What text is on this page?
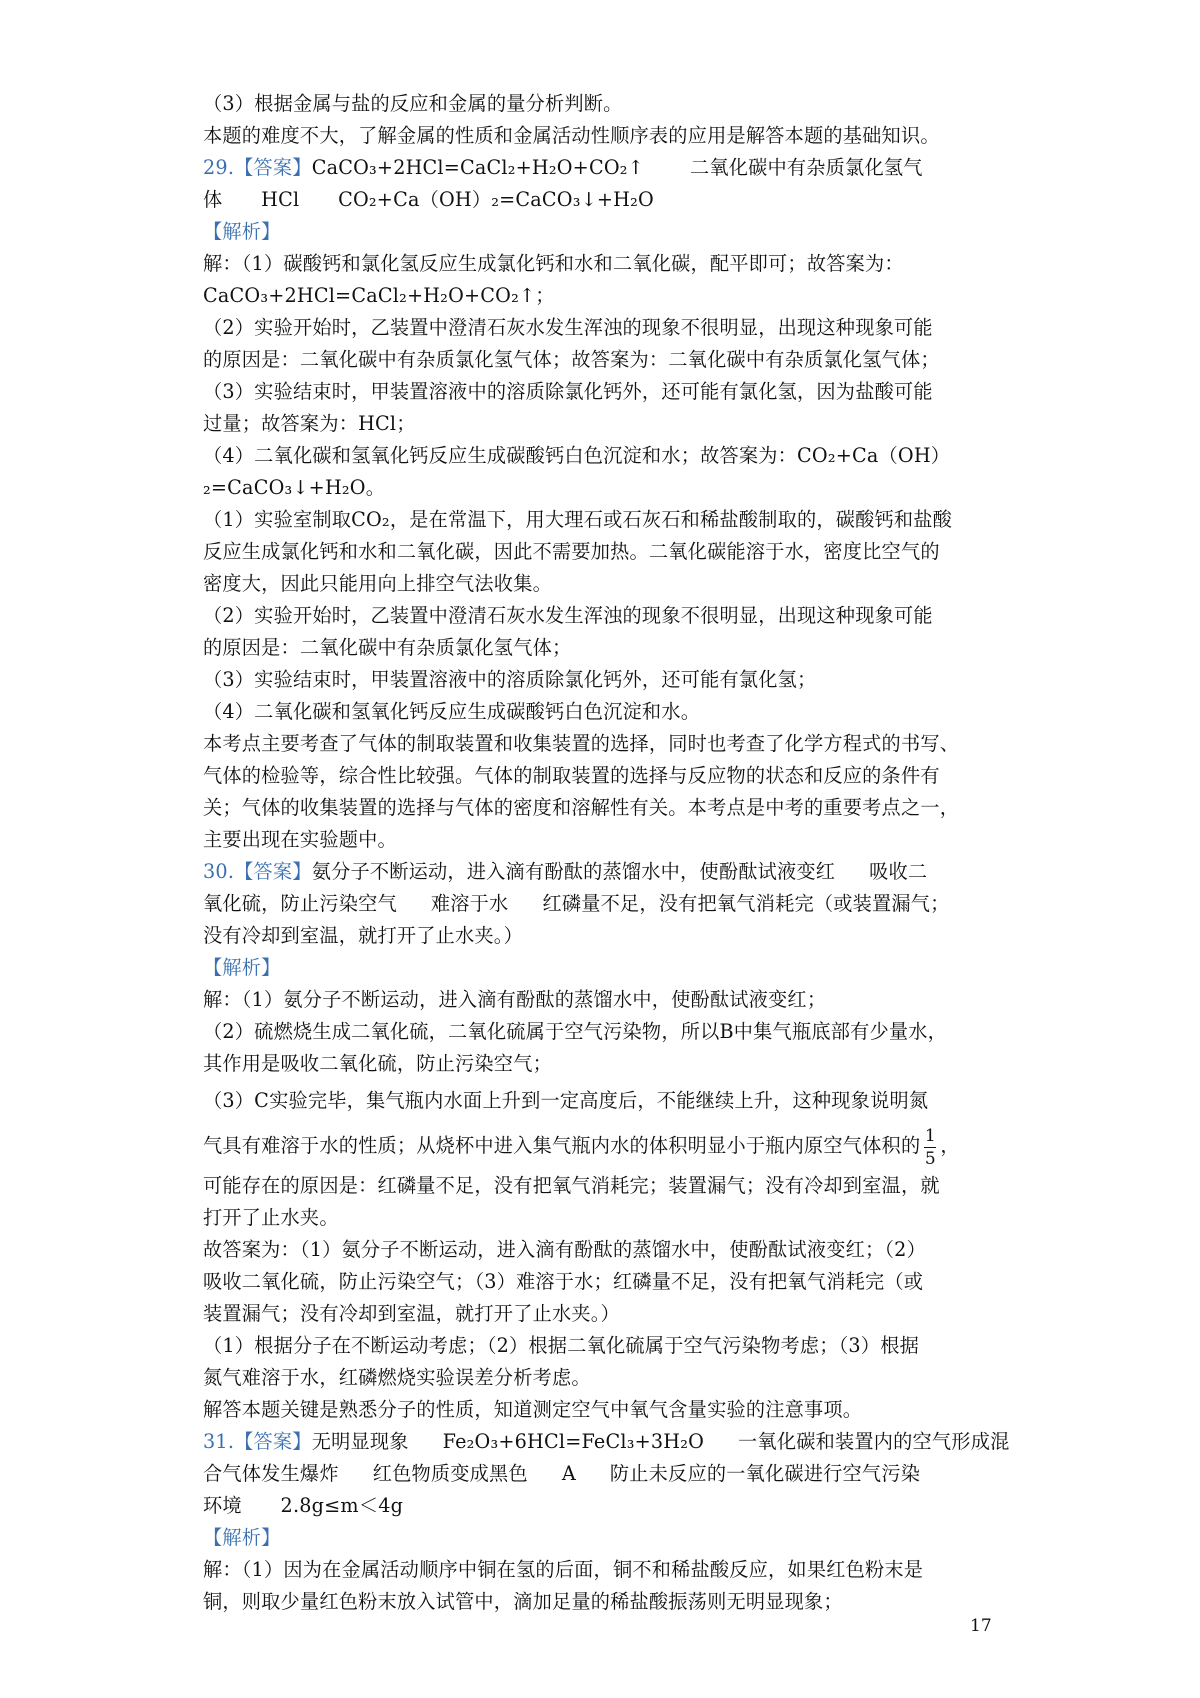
（3）根据金属与盐的反应和金属的量分析判断。
本题的难度不大，了解金属的性质和金属活动性顺序表的应用是解答本题的基础知识。
29.【答案】CaCO₃+2HCl=CaCl₂+H₂O+CO₂↑ 二氧化碳中有杂质氯化氢气
体　　HCl　　CO₂+Ca（OH）₂=CaCO₃↓+H₂O
【解析】
解：（1）碳酸钙和氯化氢反应生成氯化钙和水和二氧化碳，配平即可；故答案为：
CaCO₃+2HCl=CaCl₂+H₂O+CO₂↑；
（2）实验开始时，乙装置中澄清石灰水发生浑浊的现象不很明显，出现这种现象可能
的原因是：二氧化碳中有杂质氯化氢气体；故答案为：二氧化碳中有杂质氯化氢气体；
（3）实验结束时，甲装置溶液中的溶质除氯化钙外，还可能有氯化氢，因为盐酸可能
过量；故答案为：HCl；
（4）二氧化碳和氢氧化钙反应生成碳酸钙白色沉淀和水；故答案为：CO₂+Ca（OH）
₂=CaCO₃↓+H₂O。
（1）实验室制取CO₂，是在常温下，用大理石或石灰石和稀盐酸制取的，碳酸钙和盐酸
反应生成氯化钙和水和二氧化碳，因此不需要加热。二氧化碳能溶于水，密度比空气的
密度大，因此只能用向上排空气法收集。
（2）实验开始时，乙装置中澄清石灰水发生浑浊的现象不很明显，出现这种现象可能
的原因是：二氧化碳中有杂质氯化氢气体；
（3）实验结束时，甲装置溶液中的溶质除氯化钙外，还可能有氯化氢；
（4）二氧化碳和氢氧化钙反应生成碳酸钙白色沉淀和水。
本考点主要考查了气体的制取装置和收集装置的选择，同时也考查了化学方程式的书写、
气体的检验等，综合性比较强。气体的制取装置的选择与反应物的状态和反应的条件有
关；气体的收集装置的选择与气体的密度和溶解性有关。本考点是中考的重要考点之一，
主要出现在实验题中。
30.【答案】氨分子不断运动，进入滴有酚酞的蒸馏水中，使酚酞试液变红 吸收二
氧化硫，防止污染空气 难溶于水 红磷量不足，没有把氧气消耗完（或装置漏气；
没有冷却到室温，就打开了止水夹。）
【解析】
解：（1）氨分子不断运动，进入滴有酚酞的蒸馏水中，使酚酞试液变红；
（2）硫燃烧生成二氧化硫，二氧化硫属于空气污染物，所以B中集气瓶底部有少量水，
其作用是吸收二氧化硫，防止污染空气；
（3）C实验完毕，集气瓶内水面上升到一定高度后，不能继续上升，这种现象说明氮
气具有难溶于水的性质；从烧杯中进入集气瓶内水的体积明显小于瓶内原空气体积的 $\frac{1}{5}$ ，
可能存在的原因是：红磷量不足，没有把氧气消耗完；装置漏气；没有冷却到室温，就
打开了止水夹。
故答案为：（1）氨分子不断运动，进入滴有酚酞的蒸馏水中，使酚酞试液变红；（2）
吸收二氧化硫，防止污染空气；（3）难溶于水；红磷量不足，没有把氧气消耗完（或
装置漏气；没有冷却到室温，就打开了止水夹。）
（1）根据分子在不断运动考虑；（2）根据二氧化硫属于空气污染物考虑；（3）根据
氮气难溶于水，红磷燃烧实验误差分析考虑。
解答本题关键是熟悉分子的性质，知道测定空气中氧气含量实验的注意事项。
31.【答案】无明显现象 Fe₂O₃+6HCl=FeCl₃+3H₂O 一氧化碳和装置内的空气形成混
合气体发生爆炸 红色物质变成黑色 A 防止未反应的一氧化碳进行空气污染
环境　　2.8g≤m＜4g
【解析】
解：（1）因为在金属活动顺序中铜在氢的后面，铜不和稀盐酸反应，如果红色粉末是
铜，则取少量红色粉末放入试管中，滴加足量的稀盐酸振荡则无明显现象；
17
